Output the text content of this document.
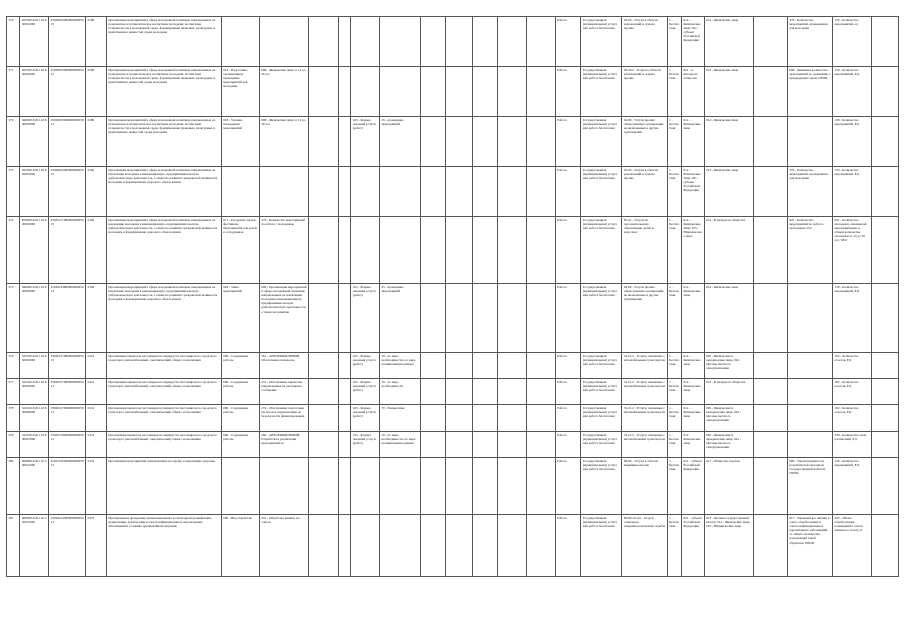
370	022500.Р.45.1.01830001000	2502810000000000005013	0180	Организация мероприятий в сфере молодежной политики, направленных на гражданское и патриотическое воспитание молодежи, воспитание толерантности в молодежной среде, формирование правовых, культурных и нравственных ценностей среди молодежи												Работа	Государственная (муниципальная) услуга или работа бесплатная	93.29 - Услуги в области развлечений и отдыха прочие	1 - Бесплатная	012 - Физические лица; 021 - субъект Российской Федерации	014 - Физические лица		379 - Количество мероприятий, проведенных для молодежи	130 - Количество мероприятий, ед	
371	022500.Р.45.1.01830002000	2502810000000000005012	0180	Организация мероприятий в сфере молодежной политики, направленных на гражданское и патриотическое воспитание молодежи, воспитание толерантности в молодежной среде, формирование правовых, культурных и нравственных ценностей среди молодежи	012 - Подготовка, организация и проведение мероприятий для молодежи	008 - Физические лица от 14 до 30 лет										Работа	Государственная (муниципальная) услуга или работа бесплатная	93.29.2 - Услуги в области развлечений и отдыха прочие	1 - Бесплатная	001 - в интересах общества	014 - Физические лица		008 - Динамика количества мероприятий по сравнению с предыдущим годом, ПРОЦ	130 - Количество мероприятий, ЕД	
372	940000.Р.45.1.01830003000	2502810000000000003013	0180	Организация мероприятий в сфере молодежной политики, направленных на гражданское и патриотическое воспитание молодежи, воспитание толерантности в молодежной среде, формирование правовых, культурных и нравственных ценностей среди молодежи	018 - Уровень проведения мероприятий	008 - Физические лица от 14 до 30 лет			105 - Формы оказания услуги (работ)	25 - проведение мероприятий						Работа	Государственная (муниципальная) услуга или работа бесплатная	94.99 - Услуги прочих общественных организаций, не включенных в другие группировки	1 - Бесплатная	012 - Физические лица	014 - Физические лица			130 - Количество мероприятий, ЕД	
373	022500.Р.45.1.01820001000	2502810000000000005013	0182	Организация мероприятий в сфере молодежной политики, направленных на вовлечение молодежи в инновационную, предпринимательскую, добровольческую деятельность, а также на развитие гражданской активности молодежи и формирование здорового образа жизни												Работа	Государственная (муниципальная) услуга или работа бесплатная	93.29 - Услуги в области развлечений и отдыха прочие	1 - Бесплатная	012 - Физические лица; 021 - субъект Российской Федерации	014 - Физические лица		379 - Количество мероприятий, проведенных для молодежи	130 - Количество мероприятий, ЕД	
374	850000.Р.45.1.01820002000	2502512790000000005013	0182	Организация мероприятий в сфере молодежной политики, направленных на вовлечение молодежи в инновационную, предпринимательскую, добровольческую деятельность, а также на развитие гражданской активности молодежи и формирование здорового образа жизни	017 - Городские лагеря, фестивали. Мероприятия для детей и сотрудников	279 - Количество мероприятий по работе с молодежью										Работа	Государственная (муниципальная) услуга или работа бесплатная	85.41 - Услуги по дополнительному образованию детей и взрослых	1 - Бесплатная	012 - Физические лица; 015 - Юридические лица	014 - В интересах общества		925 - Количество мероприятий по работе с молодежью, ЕД	001 - Количество молодежи, охваченной мероприятиями, в общем количестве молодежи от 14 до 30 лет, ЧЕЛ	
375	940000.Р.45.1.01820003000	2502813480000000005013	0182	Организация мероприятий в сфере молодежной политики, направленных на вовлечение молодежи в инновационную, предпринимательскую, добровольческую деятельность, а также на развитие гражданской активности молодежи и формирование здорового образа жизни	004 - Типы мероприятий	008 - Организация мероприятий в сфере молодежной политики, направленных на вовлечение молодежи в инновационную, предпринимательскую, добровольческую деятельность, а также на развитие			105 - Формы оказания услуги (работ)	25 - проведение мероприятий						Работа	Государственная (муниципальная) услуга или работа бесплатная	94.99 - Услуги прочих общественных организаций, не включенных в другие группировки	1 - Бесплатная	012 - Физические лица	014 - Физические лица			130 - Количество мероприятий, ЕД	
376	522100.Р.45.1.01830004000	3302012790000000005013	0114	Организация перевозок пассажиров на маршрутах пассажирского городского транспорта (автомобильный, электрический) общего пользования	090 - Содержание работы	391 - АВТОМОБИЛЬНЫЙ. Обеспечение перевозок			105 - Формы оказания услуги (работ)	70 - по мере необходимости, по мере возникновения данных						Работа	Государственная (муниципальная) услуга или работа бесплатная	52.21.2 - Услуги, связанные с автомобильным транспортом	1 - Бесплатная	012 - Физические лица	029 - Физические и юридические лица; 022 - Органы местного самоуправления			192 - Количество отчетов, ЕД	
377	522100.Р.45.1.01830005000	3302012790000000005013	0114	Организация перевозок пассажиров на маршрутах пассажирского городского транспорта (автомобильный, электрический) общего пользования	090 - Содержание работы	274 - Обеспечение перевозок, направленных на регулярное сообщение			105 - Формы оказания услуги (работ)	70 - по мере необходимости						Работа	Государственная (муниципальная) услуга или работа бесплатная	52.21.2 - Услуги, связанные с автомобильным транспортом	1 - Бесплатная	012 - Физические лица	014 - В интересах общества			192 - Количество отчетов, ЕД	
378	522100.Р.45.1.01830006000	3302012790000000005013	0114	Организация перевозок пассажиров на маршрутах пассажирского городского транспорта (автомобильный, электрический) общего пользования	090 - Содержание работы	274 - Обеспечение подготовки расчетов и документации по безопасности финансирования			105 - Формы оказания услуги (работ)	70 - Ежемесячно						Работа	Государственная (муниципальная) услуга или работа бесплатная	52.21.2 - Услуги, связанные с автомобильным транспортом	1 - Бесплатная	012 - Физические лица	029 - Физические и юридические лица; 022 - Органы местного самоуправления			192 - Количество отчетов, ЕД	
379	522100.Р.45.1.01830007000	3302012800000000005013	0114	Организация перевозок пассажиров на маршрутах пассажирского городского транспорта (автомобильный, электрический) общего пользования	090 - Содержание работы	269 - АВТОМОБИЛЬНЫЙ. Разработка и реализация мероприятий по			105 - Формы оказания услуги (работ)	70 - по мере необходимости, по мере возникновения данных						Работа	Государственная (муниципальная) услуга или работа бесплатная	52.21.2 - Услуги, связанные с автомобильным транспортом	1 - Бесплатная	012 - Физические лица	029 - Физические и юридические лица; 022 - Органы местного самоуправления			336 - Количество схем, расписаний, ЕД	
380	960000.Р.45.1.01540001000	2502710000000000005013	0154	Организация мероприятий, направленных на охрану и укрепление здоровья												Работа	Государственная (муниципальная) услуга или работа бесплатная	86.90 - Услуги в области медицины прочие	1 - Бесплатная	021 - субъект Российской Федерации	015 - Общество в целом		006 - Удовлетворенность потребителей оказанной государственной работой, ПРОЦ	130 - Количество мероприятий, ЕД	
381	960000.Р.45.1.01550001000	2302812450000000005013	0155	Организация и проведение дезинсекционных и санитарной дезинфекции, дезинсекции, дератизации в очагах инфекционных и паразитарных заболеваний и условиях чрезвычайной ситуации	006 - Вид обработки	245 - Обработка жилищ, не очагов										Работа	Государственная (муниципальная) услуга или работа бесплатная	86.90.19.110 - Услуги санитарно-эпидемиологической службы	1 - Бесплатная	021 - субъект Российской Федерации	013 - Органы государственной власти; 014 - Физические лица; 016 - Юридические лица		613 - Удельный вес жилищ в очаге, обработанных в очагах инфекционных и паразитарных заболеваний, от общего количества, подлежащих такой обработке, ПРОЦ	243 - Объем обработанных помещений в очагах жилищ по отчету, м	
